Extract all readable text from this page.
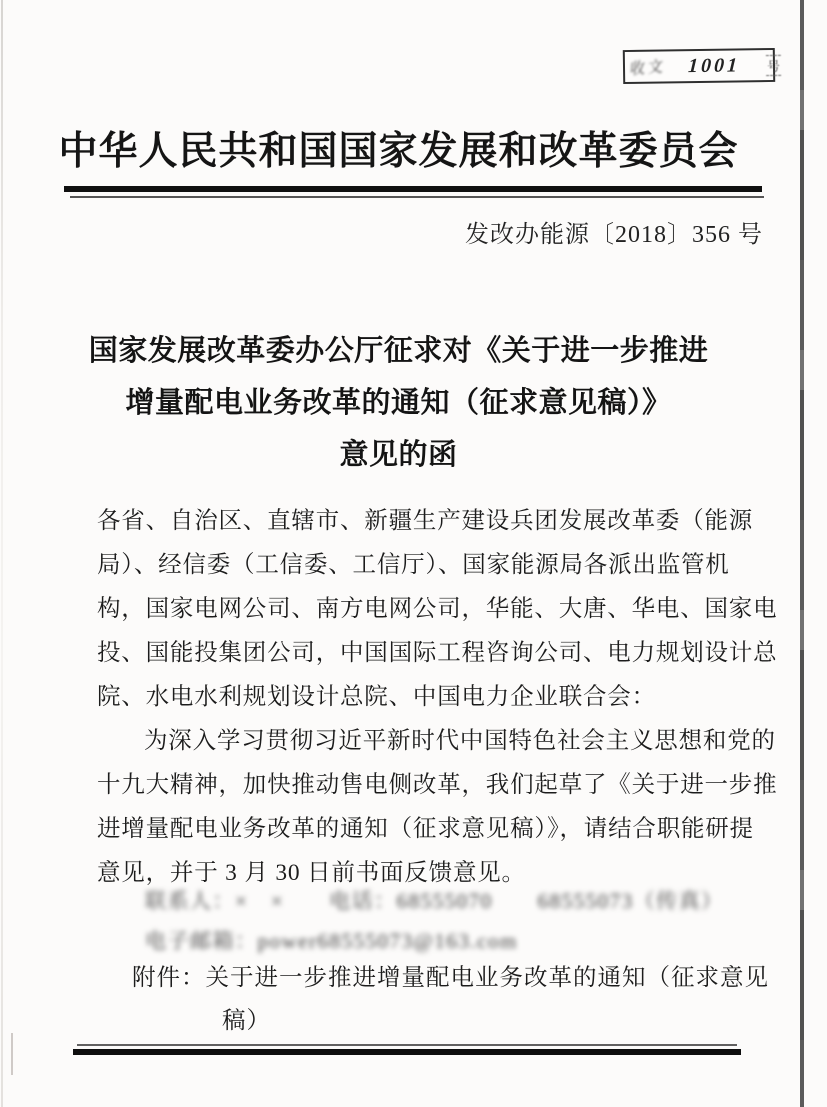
收文 1001 号
中华人民共和国国家发展和改革委员会
发改办能源〔2018〕356 号
国家发展改革委办公厅征求对《关于进一步推进
增量配电业务改革的通知（征求意见稿）》
意见的函
各省、自治区、直辖市、新疆生产建设兵团发展改革委（能源
局）、经信委（工信委、工信厅）、国家能源局各派出监管机
构，国家电网公司、南方电网公司，华能、大唐、华电、国家电
投、国能投集团公司，中国国际工程咨询公司、电力规划设计总
院、水电水利规划设计总院、中国电力企业联合会：
为深入学习贯彻习近平新时代中国特色社会主义思想和党的
十九大精神，加快推动售电侧改革，我们起草了《关于进一步推
进增量配电业务改革的通知（征求意见稿）》，请结合职能研提
意见，并于 3 月 30 日前书面反馈意见。
联系人：×　×　　电话：68555070　　68555073（传真）
电子邮箱：power68555073@163.com
附件：关于进一步推进增量配电业务改革的通知（征求意见
稿）
